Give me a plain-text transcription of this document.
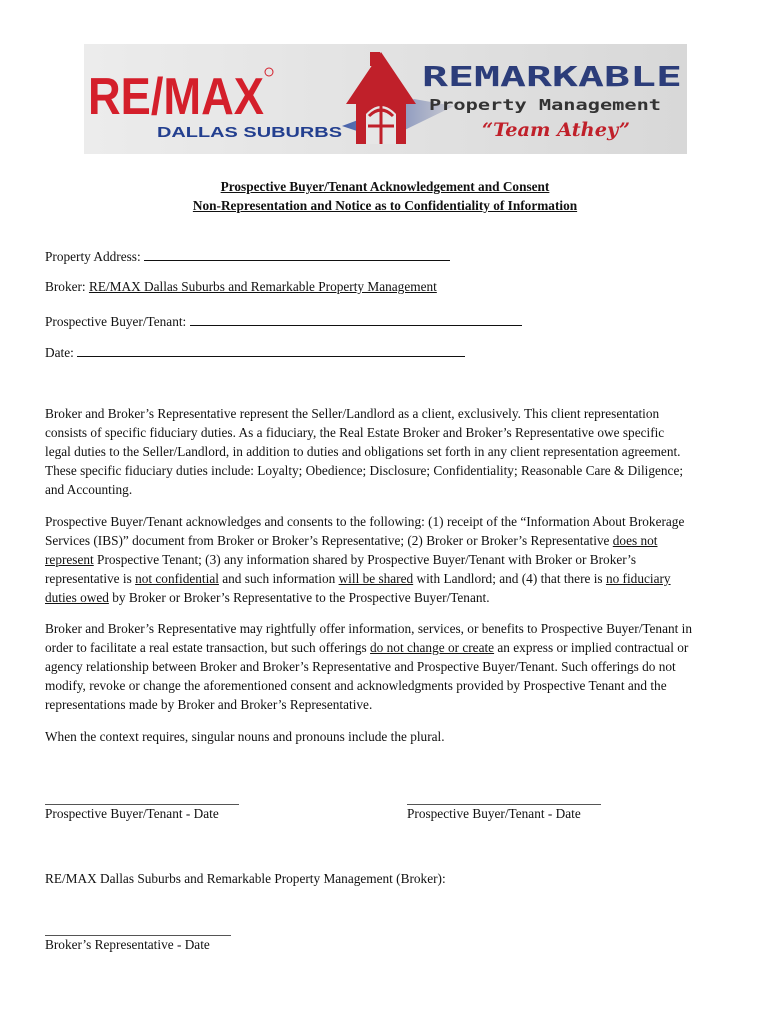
RE/MAX
DALLAS SUBURBS
REMARKABLE
Property Management
“Team Athey”
Prospective Buyer/Tenant Acknowledgement and Consent
Non-Representation and Notice as to Confidentiality of Information
Property Address:
Broker: RE/MAX Dallas Suburbs and Remarkable Property Management
Prospective Buyer/Tenant:
Date:
Broker and Broker’s Representative represent the Seller/Landlord as a client, exclusively. This client representation
consists of specific fiduciary duties. As a fiduciary, the Real Estate Broker and Broker’s Representative owe specific
legal duties to the Seller/Landlord, in addition to duties and obligations set forth in any client representation agreement.
These specific fiduciary duties include: Loyalty; Obedience; Disclosure; Confidentiality; Reasonable Care & Diligence;
and Accounting.
Prospective Buyer/Tenant acknowledges and consents to the following: (1) receipt of the “Information About Brokerage
Services (IBS)” document from Broker or Broker’s Representative; (2) Broker or Broker’s Representative does not
represent Prospective Tenant; (3) any information shared by Prospective Buyer/Tenant with Broker or Broker’s
representative is not confidential and such information will be shared with Landlord; and (4) that there is no fiduciary
duties owed by Broker or Broker’s Representative to the Prospective Buyer/Tenant.
Broker and Broker’s Representative may rightfully offer information, services, or benefits to Prospective Buyer/Tenant in
order to facilitate a real estate transaction, but such offerings do not change or create an express or implied contractual or
agency relationship between Broker and Broker’s Representative and Prospective Buyer/Tenant. Such offerings do not
modify, revoke or change the aforementioned consent and acknowledgments provided by Prospective Tenant and the
representations made by Broker and Broker’s Representative.
When the context requires, singular nouns and pronouns include the plural.
Prospective Buyer/Tenant - Date	Prospective Buyer/Tenant - Date
RE/MAX Dallas Suburbs and Remarkable Property Management (Broker):
Broker’s Representative - Date
